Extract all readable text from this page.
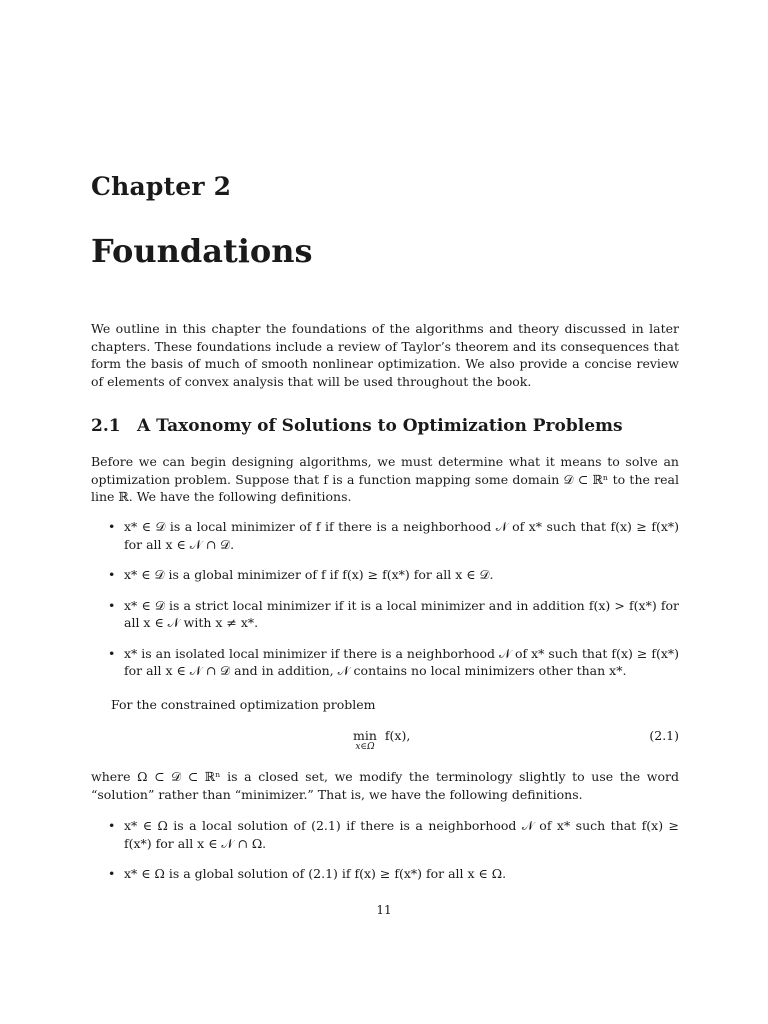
Chapter 2
Foundations

We outline in this chapter the foundations of the algorithms and theory discussed in later chapters. These foundations include a review of Taylor’s theorem and its consequences that form the basis of much of smooth nonlinear optimization. We also provide a concise review of elements of convex analysis that will be used throughout the book.

2.1 A Taxonomy of Solutions to Optimization Problems

Before we can begin designing algorithms, we must determine what it means to solve an optimization problem. Suppose that f is a function mapping some domain 𝒟 ⊂ ℝⁿ to the real line ℝ. We have the following definitions.

• x* ∈ 𝒟 is a local minimizer of f if there is a neighborhood 𝒩 of x* such that f(x) ≥ f(x*) for all x ∈ 𝒩 ∩ 𝒟.
• x* ∈ 𝒟 is a global minimizer of f if f(x) ≥ f(x*) for all x ∈ 𝒟.
• x* ∈ 𝒟 is a strict local minimizer if it is a local minimizer and in addition f(x) > f(x*) for all x ∈ 𝒩 with x ≠ x*.
• x* is an isolated local minimizer if there is a neighborhood 𝒩 of x* such that f(x) ≥ f(x*) for all x ∈ 𝒩 ∩ 𝒟 and in addition, 𝒩 contains no local minimizers other than x*.

For the constrained optimization problem

min
x∈Ω
f(x),	(2.1)

where Ω ⊂ 𝒟 ⊂ ℝⁿ is a closed set, we modify the terminology slightly to use the word “solution” rather than “minimizer.” That is, we have the following definitions.

• x* ∈ Ω is a local solution of (2.1) if there is a neighborhood 𝒩 of x* such that f(x) ≥ f(x*) for all x ∈ 𝒩 ∩ Ω.
• x* ∈ Ω is a global solution of (2.1) if f(x) ≥ f(x*) for all x ∈ Ω.
11
